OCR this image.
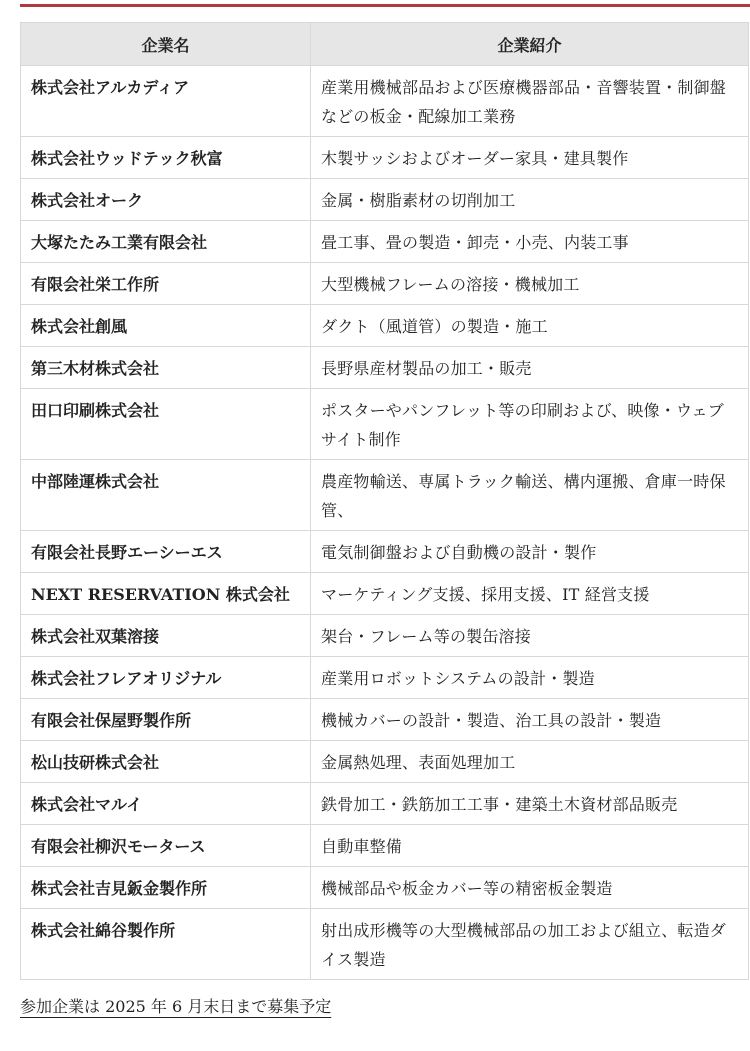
企業名	企業紹介
株式会社アルカディア	産業用機械部品および医療機器部品・音響装置・制御盤などの板金・配線加工業務
株式会社ウッドテック秋富	木製サッシおよびオーダー家具・建具製作
株式会社オーク	金属・樹脂素材の切削加工
大塚たたみ工業有限会社	畳工事、畳の製造・卸売・小売、内装工事
有限会社栄工作所	大型機械フレームの溶接・機械加工
株式会社創風	ダクト（風道管）の製造・施工
第三木材株式会社	長野県産材製品の加工・販売
田口印刷株式会社	ポスターやパンフレット等の印刷および、映像・ウェブサイト制作
中部陸運株式会社	農産物輸送、専属トラック輸送、構内運搬、倉庫一時保管、
有限会社長野エーシーエス	電気制御盤および自動機の設計・製作
NEXT RESERVATION 株式会社	マーケティング支援、採用支援、IT 経営支援
株式会社双葉溶接	架台・フレーム等の製缶溶接
株式会社フレアオリジナル	産業用ロボットシステムの設計・製造
有限会社保屋野製作所	機械カバーの設計・製造、治工具の設計・製造
松山技研株式会社	金属熱処理、表面処理加工
株式会社マルイ	鉄骨加工・鉄筋加工工事・建築土木資材部品販売
有限会社柳沢モータース	自動車整備
株式会社吉見鈑金製作所	機械部品や板金カバー等の精密板金製造
株式会社綿谷製作所	射出成形機等の大型機械部品の加工および組立、転造ダイス製造
参加企業は 2025 年 6 月末日まで募集予定
